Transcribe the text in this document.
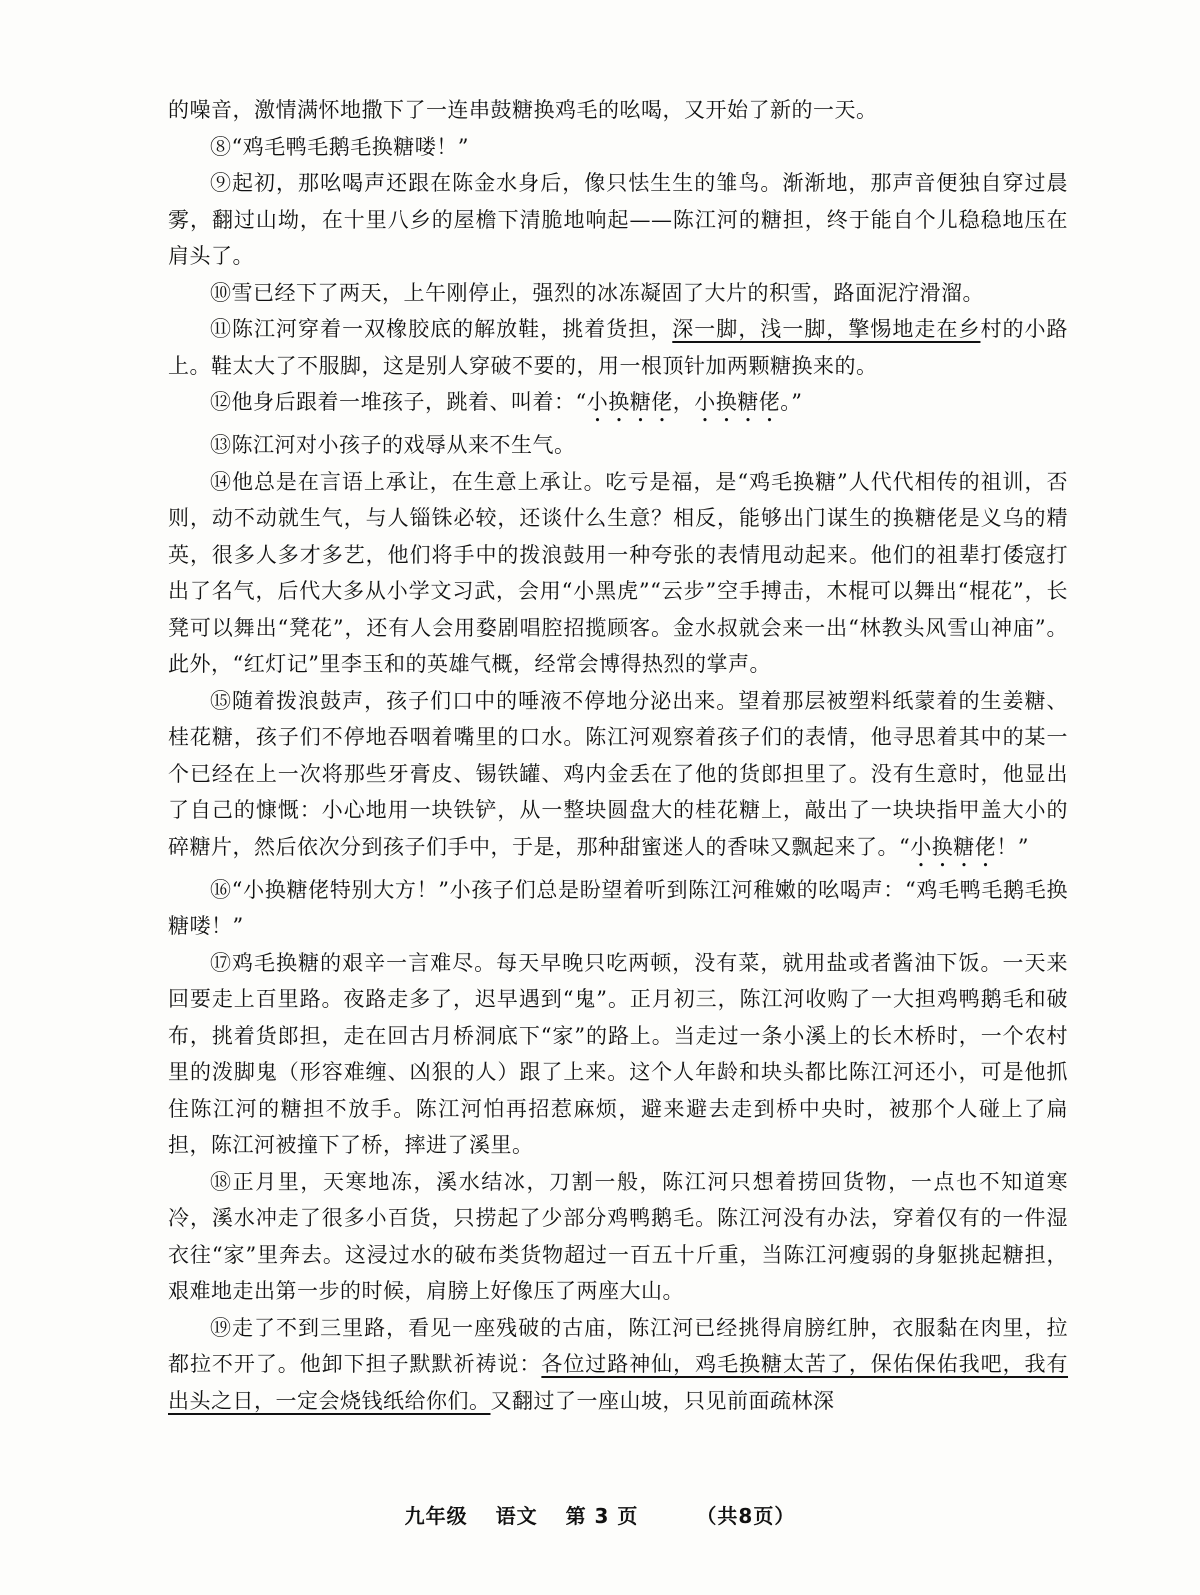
的噪音，激情满怀地撒下了一连串鼓糖换鸡毛的吆喝，又开始了新的一天。

⑧“鸡毛鸭毛鹅毛换糖喽！”

⑨起初，那吆喝声还跟在陈金水身后，像只怯生生的雏鸟。渐渐地，那声音便独自穿过晨雾，翻过山坳，在十里八乡的屋檐下清脆地响起——陈江河的糖担，终于能自个儿稳稳地压在肩头了。

⑩雪已经下了两天，上午刚停止，强烈的冰冻凝固了大片的积雪，路面泥泞滑溜。

⑪陈江河穿着一双橡胶底的解放鞋，挑着货担，深一脚，浅一脚，擎惕地走在乡村的小路上。鞋太大了不服脚，这是别人穿破不要的，用一根顶针加两颗糖换来的。

⑫他身后跟着一堆孩子，跳着、叫着：“小换糖佬，小换糖佬。”

⑬陈江河对小孩子的戏辱从来不生气。

⑭他总是在言语上承让，在生意上承让。吃亏是福，是“鸡毛换糖”人代代相传的祖训，否则，动不动就生气，与人锱铢必较，还谈什么生意？相反，能够出门谋生的换糖佬是义乌的精英，很多人多才多艺，他们将手中的拨浪鼓用一种夸张的表情甩动起来。他们的祖辈打倭寇打出了名气，后代大多从小学文习武，会用“小黑虎”“云步”空手搏击，木棍可以舞出“棍花”，长凳可以舞出“凳花”，还有人会用婺剧唱腔招揽顾客。金水叔就会来一出“林教头风雪山神庙”。此外，“红灯记”里李玉和的英雄气概，经常会博得热烈的掌声。

⑮随着拨浪鼓声，孩子们口中的唾液不停地分泌出来。望着那层被塑料纸蒙着的生姜糖、桂花糖，孩子们不停地吞咽着嘴里的口水。陈江河观察着孩子们的表情，他寻思着其中的某一个已经在上一次将那些牙膏皮、锡铁罐、鸡内金丢在了他的货郎担里了。没有生意时，他显出了自己的慷慨：小心地用一块铁铲，从一整块圆盘大的桂花糖上，敲出了一块块指甲盖大小的碎糖片，然后依次分到孩子们手中，于是，那种甜蜜迷人的香味又飘起来了。“小换糖佬！”

⑯“小换糖佬特别大方！”小孩子们总是盼望着听到陈江河稚嫩的吆喝声：“鸡毛鸭毛鹅毛换糖喽！”

⑰鸡毛换糖的艰辛一言难尽。每天早晚只吃两顿，没有菜，就用盐或者酱油下饭。一天来回要走上百里路。夜路走多了，迟早遇到“鬼”。正月初三，陈江河收购了一大担鸡鸭鹅毛和破布，挑着货郎担，走在回古月桥洞底下“家”的路上。当走过一条小溪上的长木桥时，一个农村里的泼脚鬼（形容难缠、凶狠的人）跟了上来。这个人年龄和块头都比陈江河还小，可是他抓住陈江河的糖担不放手。陈江河怕再招惹麻烦，避来避去走到桥中央时，被那个人碰上了扁担，陈江河被撞下了桥，摔进了溪里。

⑱正月里，天寒地冻，溪水结冰，刀割一般，陈江河只想着捞回货物，一点也不知道寒冷，溪水冲走了很多小百货，只捞起了少部分鸡鸭鹅毛。陈江河没有办法，穿着仅有的一件湿衣往“家”里奔去。这浸过水的破布类货物超过一百五十斤重，当陈江河瘦弱的身躯挑起糖担，艰难地走出第一步的时候，肩膀上好像压了两座大山。

⑲走了不到三里路，看见一座残破的古庙，陈江河已经挑得肩膀红肿，衣服黏在肉里，拉都拉不开了。他卸下担子默默祈祷说：各位过路神仙，鸡毛换糖太苦了，保佑保佑我吧，我有出头之日，一定会烧钱纸给你们。又翻过了一座山坡，只见前面疏林深

九年级 语文 第 3 页	（共8页）
